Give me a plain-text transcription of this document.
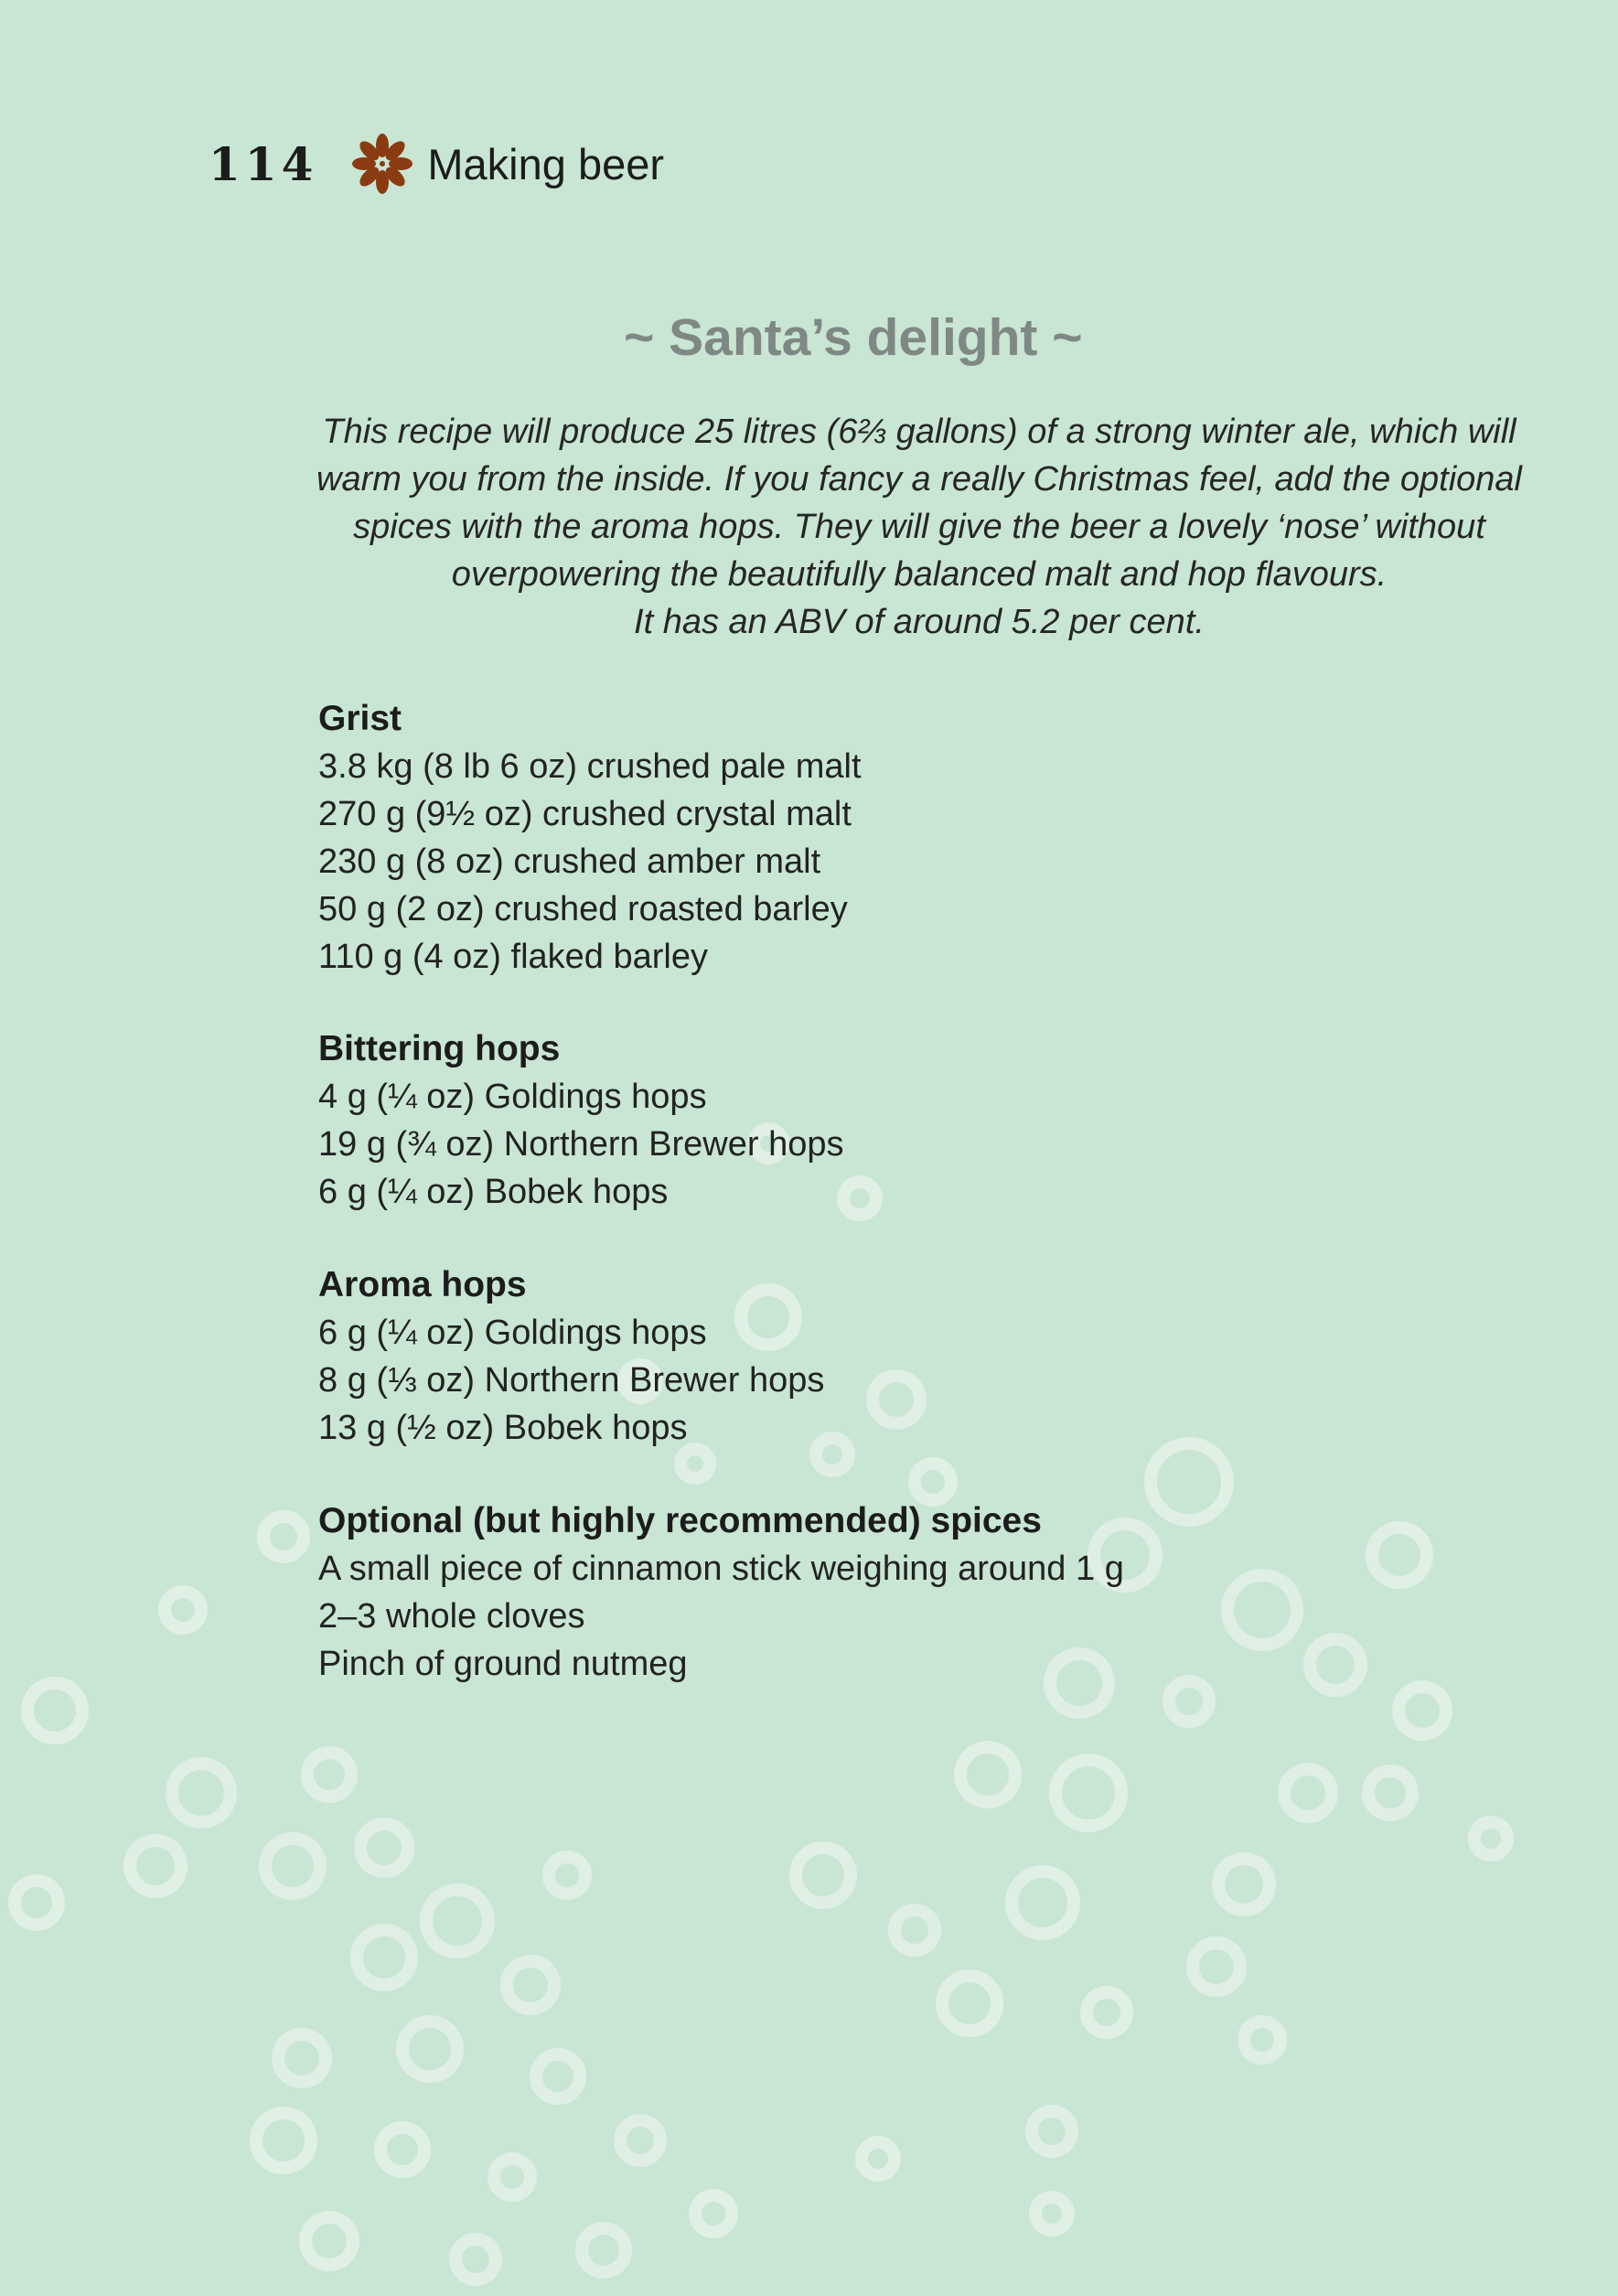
114	Making beer
~ Santa’s delight ~
This recipe will produce 25 litres (6⅔ gallons) of a strong winter ale, which will
warm you from the inside. If you fancy a really Christmas feel, add the optional
spices with the aroma hops. They will give the beer a lovely ‘nose’ without
overpowering the beautifully balanced malt and hop flavours.
It has an ABV of around 5.2 per cent.
Grist
3.8 kg (8 lb 6 oz) crushed pale malt
270 g (9½ oz) crushed crystal malt
230 g (8 oz) crushed amber malt
50 g (2 oz) crushed roasted barley
110 g (4 oz) flaked barley
Bittering hops
4 g (¼ oz) Goldings hops
19 g (¾ oz) Northern Brewer hops
6 g (¼ oz) Bobek hops
Aroma hops
6 g (¼ oz) Goldings hops
8 g (⅓ oz) Northern Brewer hops
13 g (½ oz) Bobek hops
Optional (but highly recommended) spices
A small piece of cinnamon stick weighing around 1 g
2–3 whole cloves
Pinch of ground nutmeg
